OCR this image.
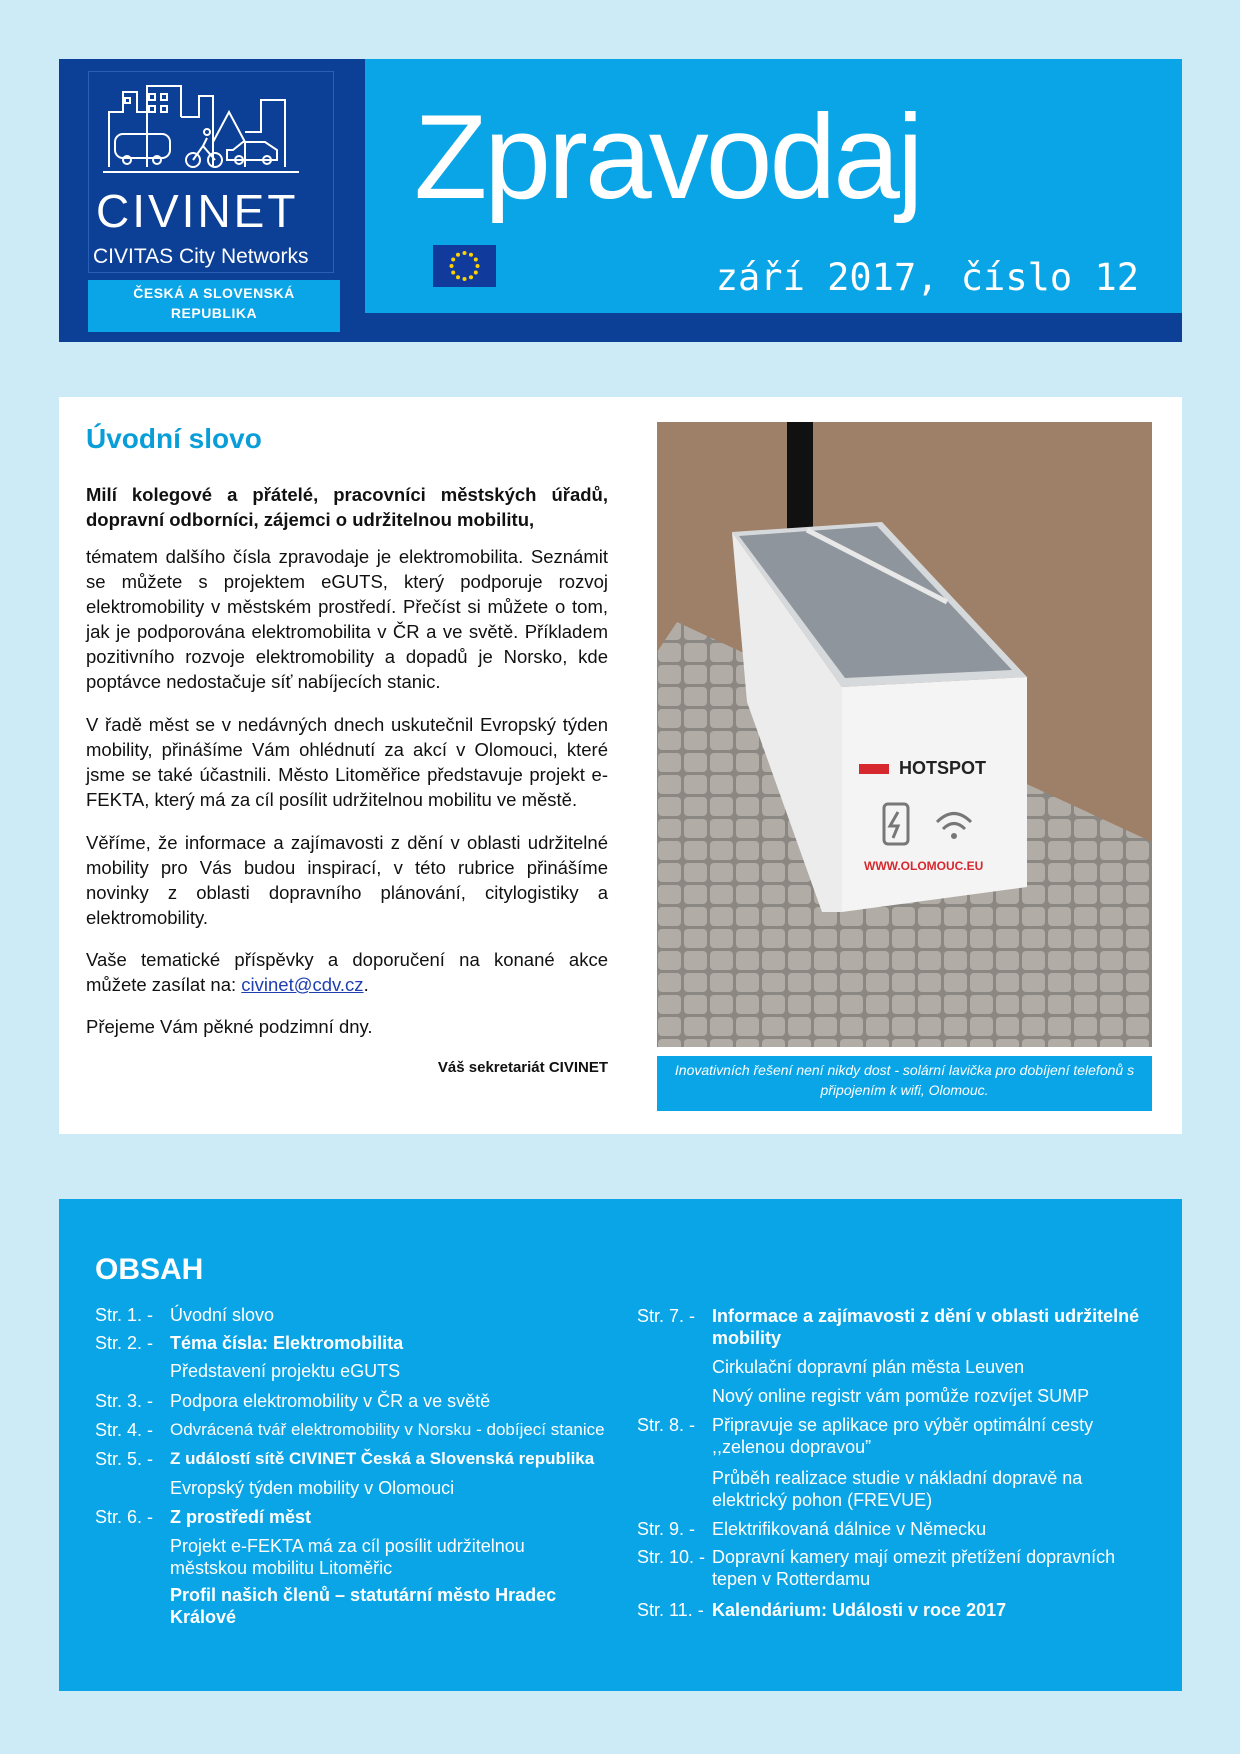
CIVINET
CIVITAS City Networks
ČESKÁ A SLOVENSKÁ REPUBLIKA
Zpravodaj
září 2017, číslo 12
Úvodní slovo
Milí kolegové a přátelé, pracovníci městských úřadů, dopravní odborníci, zájemci o udržitelnou mobilitu,
tématem dalšího čísla zpravodaje je elektromobilita. Seznámit se můžete s projektem eGUTS, který podporuje rozvoj elektromobility v městském prostředí. Přečíst si můžete o tom, jak je podporována elektromobilita v ČR a ve světě. Příkladem pozitivního rozvoje elektromobility a dopadů je Norsko, kde poptávce nedostačuje síť nabíjecích stanic.
V řadě měst se v nedávných dnech uskutečnil Evropský týden mobility, přinášíme Vám ohlédnutí za akcí v Olomouci, které jsme se také účastnili. Město Litoměřice představuje projekt e-FEKTA, který má za cíl posílit udržitelnou mobilitu ve městě.
Věříme, že informace a zajímavosti z dění v oblasti udržitelné mobility pro Vás budou inspirací, v této rubrice přinášíme novinky z oblasti dopravního plánování, citylogistiky a elektromobility.
Vaše tematické příspěvky a doporučení na konané akce můžete zasílat na: civinet@cdv.cz.
Přejeme Vám pěkné podzimní dny.
Váš sekretariát CIVINET
HOTSPOT
WWW.OLOMOUC.EU
Inovativních řešení není nikdy dost - solární lavička pro dobíjení telefonů s připojením k wifi, Olomouc.
OBSAH
Str. 1. - Úvodní slovo
Str. 2. - Téma čísla: Elektromobilita
Představení projektu eGUTS
Str. 3. - Podpora elektromobility v ČR a ve světě
Str. 4. - Odvrácená tvář elektromobility v Norsku - dobíjecí stanice
Str. 5. - Z událostí sítě CIVINET Česká a Slovenská republika
Evropský týden mobility v Olomouci
Str. 6. - Z prostředí měst
Projekt e-FEKTA má za cíl posílit udržitelnou městskou mobilitu Litoměřic
Profil našich členů – statutární město Hradec Králové
Str. 7. - Informace a zajímavosti z dění v oblasti udržitelné mobility
Cirkulační dopravní plán města Leuven
Nový online registr vám pomůže rozvíjet SUMP
Str. 8. - Připravuje se aplikace pro výběr optimální cesty ,,zelenou dopravou”
Průběh realizace studie v nákladní dopravě na elektrický pohon (FREVUE)
Str. 9. - Elektrifikovaná dálnice v Německu
Str. 10. - Dopravní kamery mají omezit přetížení dopravních tepen v Rotterdamu
Str. 11. - Kalendárium: Události v roce 2017
